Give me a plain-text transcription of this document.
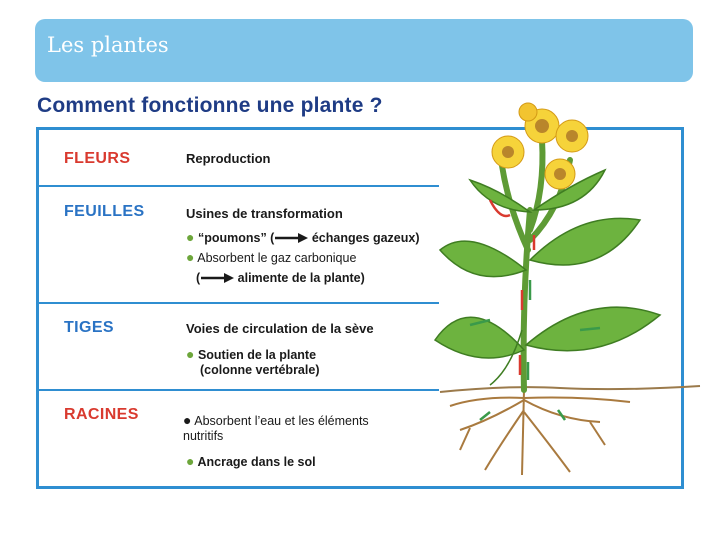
Les plantes
Comment fonctionne une plante ?
FLEURS	Reproduction
FEUILLES	Usines de transformation
● “poumons” (	échanges gazeux)
● Absorbent le gaz carbonique
(	alimente de la plante)
TIGES	Voies de circulation de la sève
● Soutien de la plante
(colonne vertébrale)
RACINES	● Absorbent l’eau et les éléments
nutritifs
● Ancrage dans le sol
